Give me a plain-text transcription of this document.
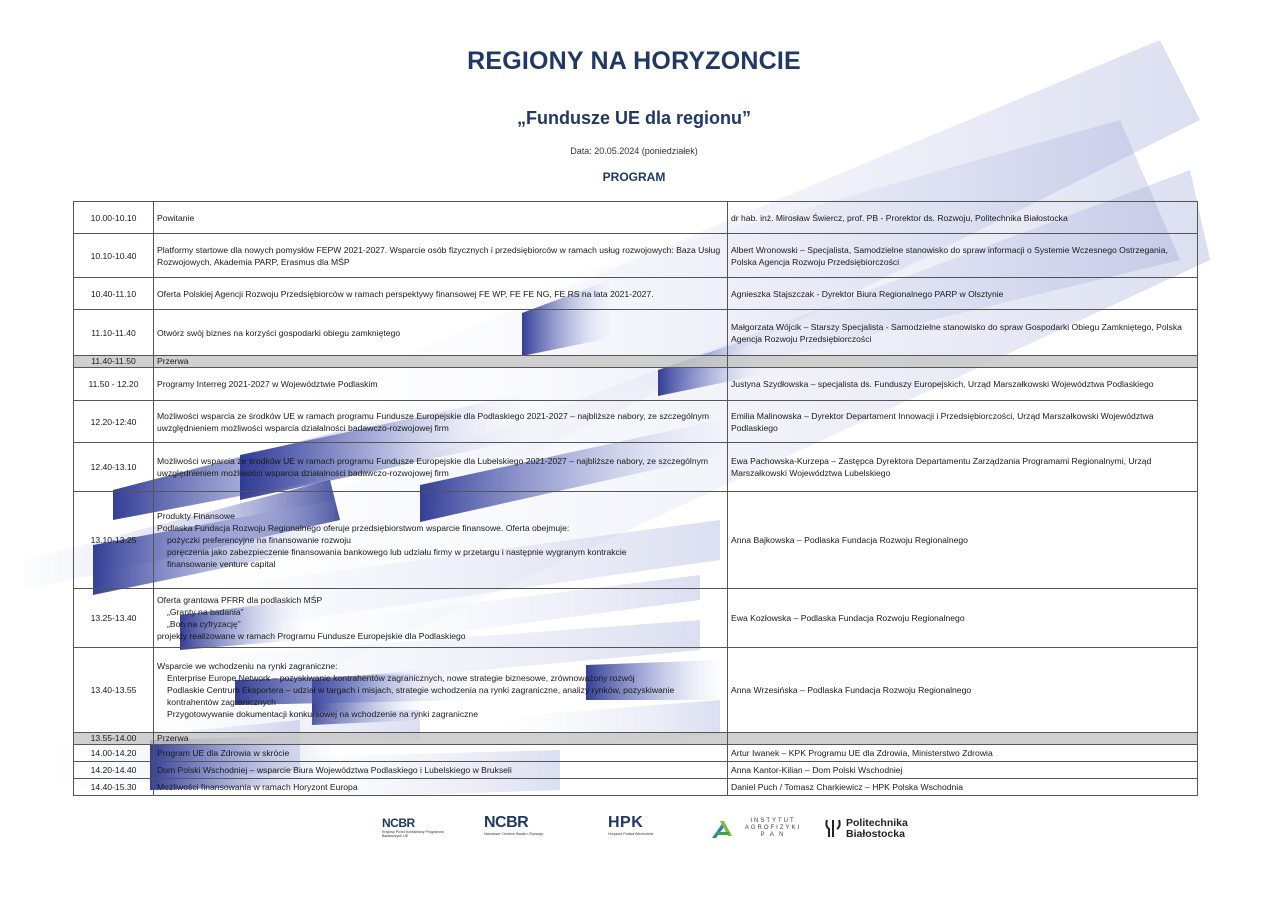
REGIONY NA HORYZONCIE
„Fundusze UE dla regionu”
Data: 20.05.2024 (poniedziałek)
PROGRAM
10.00-10.10	Powitanie	dr hab. inż. Mirosław Świercz, prof. PB - Prorektor ds. Rozwoju, Politechnika Białostocka
10.10-10.40	Platformy startowe dla nowych pomysłów FEPW 2021-2027. Wsparcie osób fizycznych i przedsiębiorców w ramach usług rozwojowych: Baza Usług Rozwojowych, Akademia PARP, Erasmus dla MŚP	Albert Wronowski – Specjalista, Samodzielne stanowisko do spraw informacji o Systemie Wczesnego Ostrzegania, Polska Agencja Rozwoju Przedsiębiorczości
10.40-11.10	Oferta Polskiej Agencji Rozwoju Przedsiębiorców w ramach perspektywy finansowej FE WP, FE FE NG, FE RS na lata 2021-2027.	Agnieszka Stajszczak - Dyrektor Biura Regionalnego PARP w Olsztynie
11.10-11.40	Otwórz swój biznes na korzyści gospodarki obiegu zamkniętego	Małgorzata Wójcik – Starszy Specjalista - Samodzielne stanowisko do spraw Gospodarki Obiegu Zamkniętego, Polska Agencja Rozwoju Przedsiębiorczości
11.40-11.50	Przerwa	
11.50 - 12.20	Programy Interreg 2021-2027 w Województwie Podlaskim	Justyna Szydłowska – specjalista ds. Funduszy Europejskich, Urząd Marszałkowski Województwa Podlaskiego
12.20-12:40	Możliwości wsparcia ze środków UE w ramach programu Fundusze Europejskie dla Podlaskiego 2021-2027 – najbliższe nabory, ze szczególnym uwzględnieniem możliwości wsparcia działalności badawczo-rozwojowej firm	Emilia Malinowska – Dyrektor Departament Innowacji i Przedsiębiorczości, Urząd Marszałkowski Województwa Podlaskiego
12.40-13.10	Możliwości wsparcia ze środków UE w ramach programu Fundusze Europejskie dla Lubelskiego 2021-2027 – najbliższe nabory, ze szczególnym uwzględnieniem możliwości wsparcia działalności badawczo-rozwojowej firm	Ewa Pachowska-Kurzepa – Zastępca Dyrektora Departamentu Zarządzania Programami Regionalnymi, Urząd Marszałkowski Województwa Lubelskiego
13.10-13.25	Produkty Finansowe
Podlaska Fundacja Rozwoju Regionalnego oferuje przedsiębiorstwom wsparcie finansowe. Oferta obejmuje:
pożyczki preferencyjne na finansowanie rozwoju
poręczenia jako zabezpieczenie finansowania bankowego lub udziału firmy w przetargu i następnie wygranym kontrakcie
finansowanie venture capital	Anna Bajkowska – Podlaska Fundacja Rozwoju Regionalnego
13.25-13.40	Oferta grantowa PFRR dla podlaskich MŚP
„Granty na badania”
„Bon na cyfryzację”
projekty realizowane w ramach Programu Fundusze Europejskie dla Podlaskiego	Ewa Kozłowska – Podlaska Fundacja Rozwoju Regionalnego
13.40-13.55	Wsparcie we wchodzeniu na rynki zagraniczne:
Enterprise Europe Network – pozyskiwanie kontrahentów zagranicznych, nowe strategie biznesowe, zrównoważony rozwój
Podlaskie Centrum Eksportera – udział w targach i misjach, strategie wchodzenia na rynki zagraniczne, analizy rynków, pozyskiwanie kontrahentów zagranicznych
Przygotowywanie dokumentacji konkursowej na wchodzenie na rynki zagraniczne	Anna Wrzesińska – Podlaska Fundacja Rozwoju Regionalnego
13.55-14.00	Przerwa	
14.00-14.20	Program UE dla Zdrowia w skrócie	Artur Iwanek – KPK Programu UE dla Zdrowia, Ministerstwo Zdrowia
14.20-14.40	Dom Polski Wschodniej – wsparcie Biura Województwa Podlaskiego i Lubelskiego w Brukseli	Anna Kantor-Kilian – Dom Polski Wschodniej
14.40-15.30	Możliwości finansowania w ramach Horyzont Europa	Daniel Puch / Tomasz Charkiewicz – HPK Polska Wschodnia
NCBR
Krajowy Punkt Kontaktowy Programów Badawczych UE
NCBR
Narodowe Centrum Badań i Rozwoju
HPK
Horyzont Polska Wschodnia
INSTYTUT
AGROFIZYKI
P A N
Politechnika
Białostocka
